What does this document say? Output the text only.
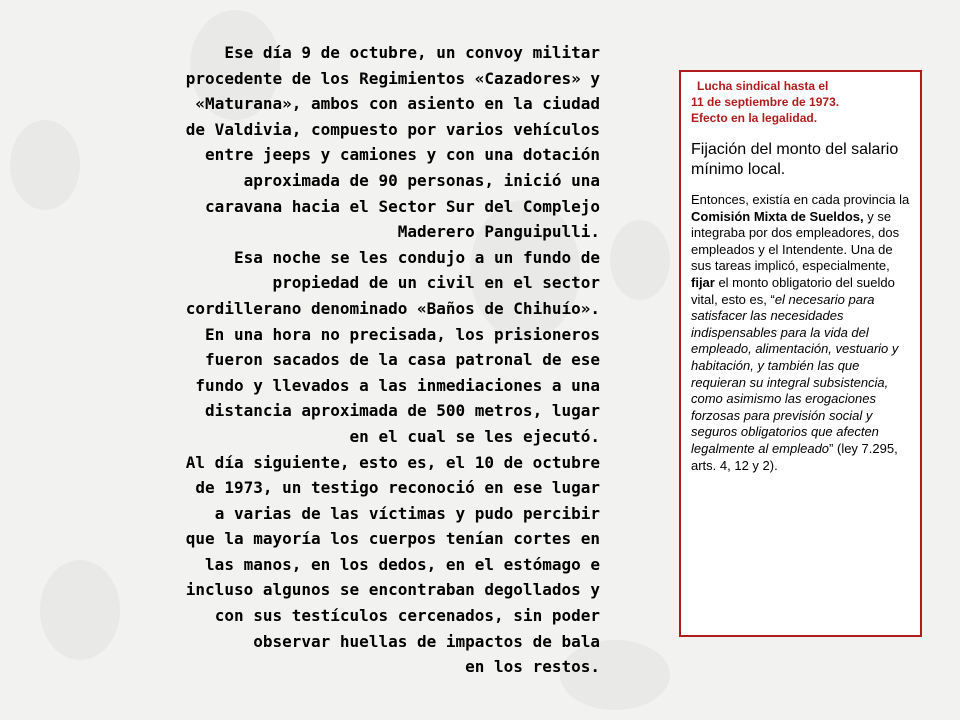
Ese día 9 de octubre, un convoy militar
procedente de los Regimientos «Cazadores» y
«Maturana», ambos con asiento en la ciudad
de Valdivia, compuesto por varios vehículos
entre jeeps y camiones y con una dotación
aproximada de 90 personas, inició una
caravana hacia el Sector Sur del Complejo
Maderero Panguipulli.
Esa noche se les condujo a un fundo de
propiedad de un civil en el sector
cordillerano denominado «Baños de Chihuío».
En una hora no precisada, los prisioneros
fueron sacados de la casa patronal de ese
fundo y llevados a las inmediaciones a una
distancia aproximada de 500 metros, lugar
en el cual se les ejecutó.
Al día siguiente, esto es, el 10 de octubre
de 1973, un testigo reconoció en ese lugar
a varias de las víctimas y pudo percibir
que la mayoría los cuerpos tenían cortes en
las manos, en los dedos, en el estómago e
incluso algunos se encontraban degollados y
con sus testículos cercenados, sin poder
observar huellas de impactos de bala
en los restos.
Lucha sindical hasta el
11 de septiembre de 1973.
Efecto en la legalidad.
Fijación del monto del salario mínimo local.

Entonces, existía en cada provincia la Comisión Mixta de Sueldos, y se integraba por dos empleadores, dos empleados y el Intendente. Una de sus tareas implicó, especialmente, fijar el monto obligatorio del sueldo vital, esto es, “el necesario para satisfacer las necesidades indispensables para la vida del empleado, alimentación, vestuario y habitación, y también las que requieran su integral subsistencia, como asimismo las erogaciones forzosas para previsión social y seguros obligatorios que afecten legalmente al empleado” (ley 7.295, arts. 4, 12 y 2).
